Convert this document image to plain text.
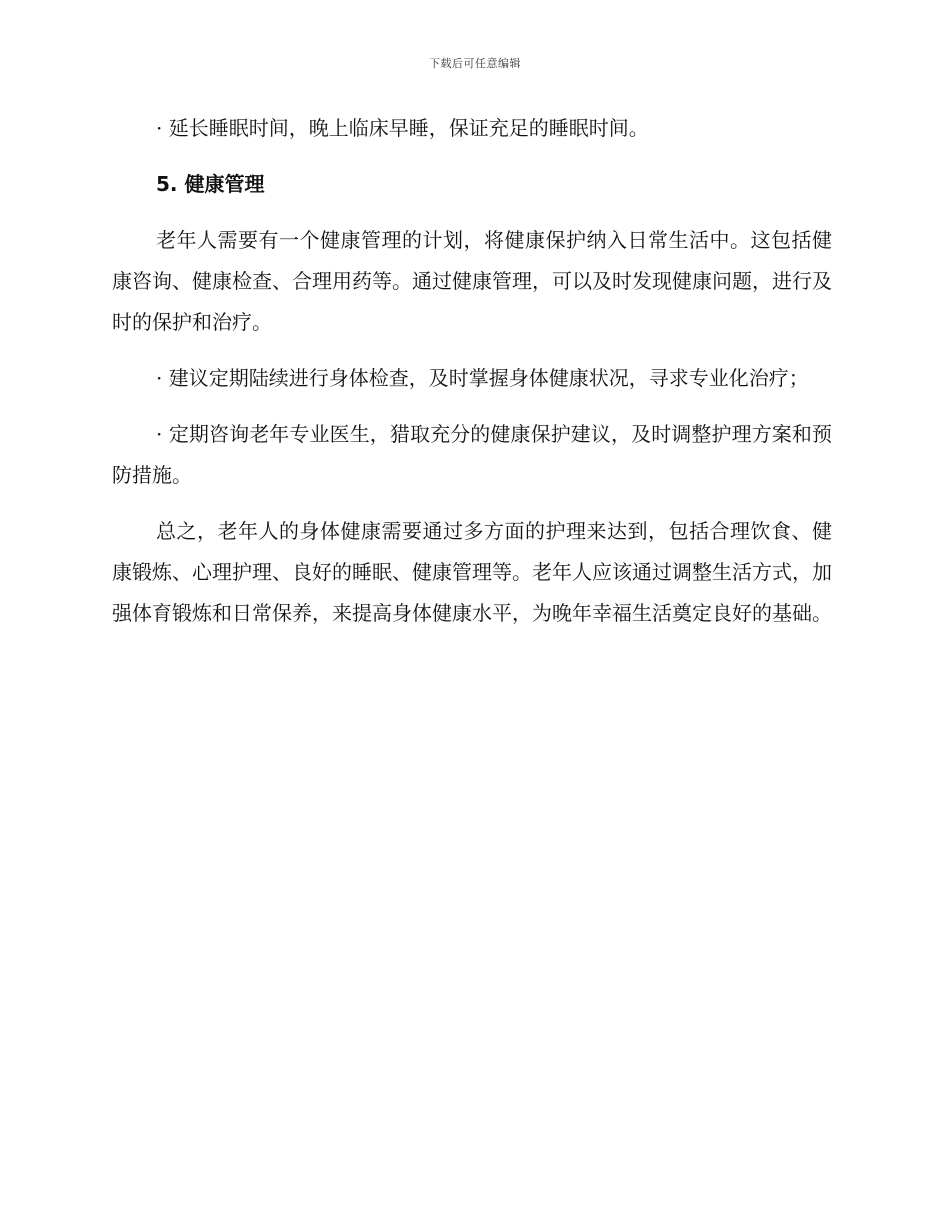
下载后可任意编辑

· 延长睡眠时间，晚上临床早睡，保证充足的睡眠时间。

5. 健康管理

老年人需要有一个健康管理的计划，将健康保护纳入日常生活中。这包括健康咨询、健康检查、合理用药等。通过健康管理，可以及时发现健康问题，进行及时的保护和治疗。

· 建议定期陆续进行身体检查，及时掌握身体健康状况，寻求专业化治疗；

· 定期咨询老年专业医生，猎取充分的健康保护建议，及时调整护理方案和预防措施。

总之，老年人的身体健康需要通过多方面的护理来达到，包括合理饮食、健康锻炼、心理护理、良好的睡眠、健康管理等。老年人应该通过调整生活方式，加强体育锻炼和日常保养，来提高身体健康水平，为晚年幸福生活奠定良好的基础。
